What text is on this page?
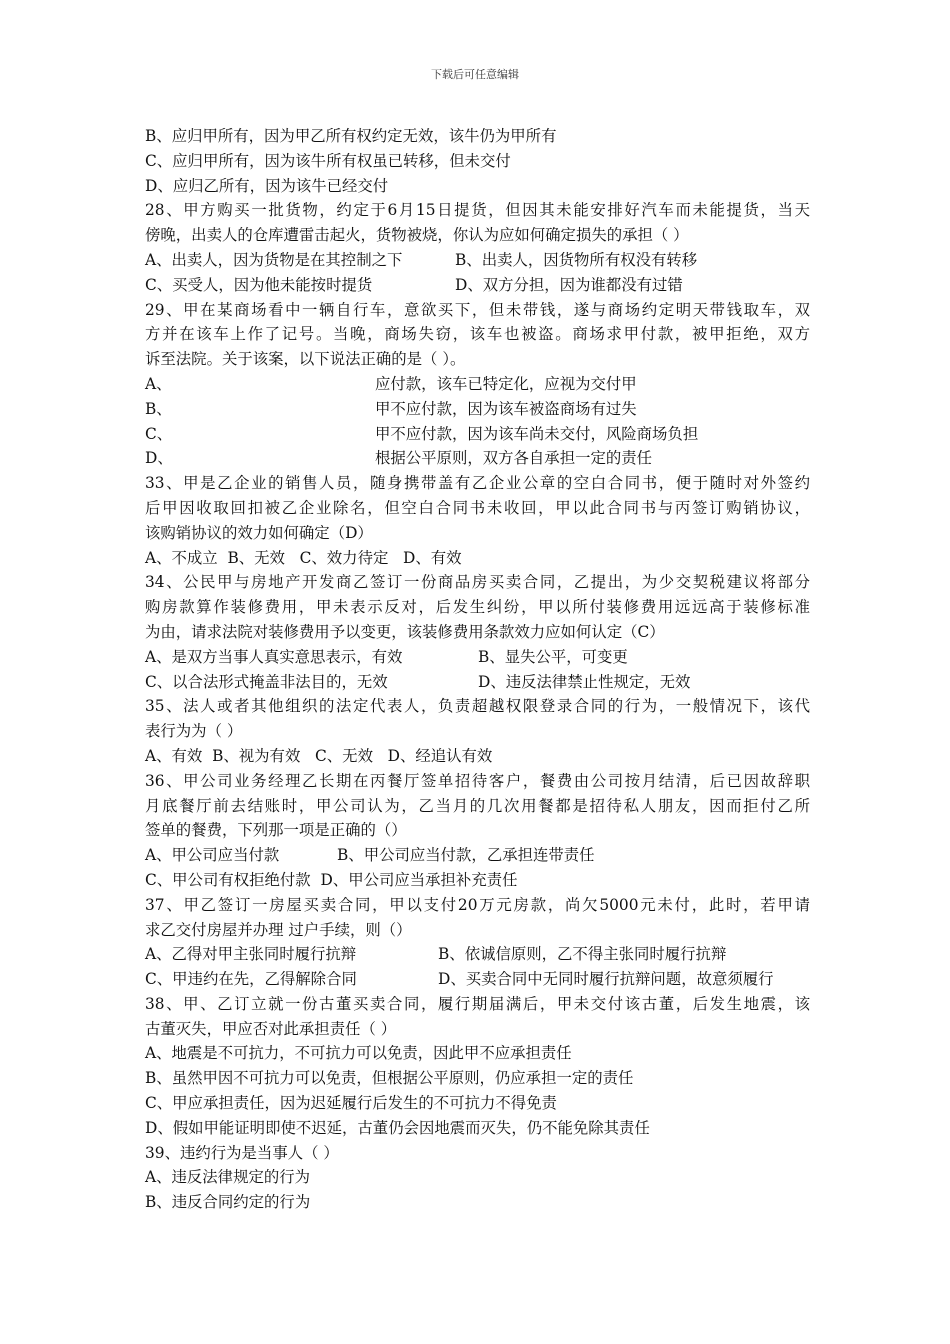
下载后可任意编辑
B、应归甲所有，因为甲乙所有权约定无效，该牛仍为甲所有
C、应归甲所有，因为该牛所有权虽已转移，但未交付
D、应归乙所有，因为该牛已经交付
28、甲方购买一批货物，约定于6月15日提货，但因其未能安排好汽车而未能提货，当天
傍晚，出卖人的仓库遭雷击起火，货物被烧，你认为应如何确定损失的承担（ ）
A、出卖人，因为货物是在其控制之下	B、出卖人，因货物所有权没有转移
C、买受人，因为他未能按时提货	D、双方分担，因为谁都没有过错
29、甲在某商场看中一辆自行车，意欲买下，但未带钱，遂与商场约定明天带钱取车，双
方并在该车上作了记号。当晚，商场失窃，该车也被盗。商场求甲付款，被甲拒绝，双方
诉至法院。关于该案，以下说法正确的是（ ）。
A、	应付款，该车已特定化，应视为交付甲
B、	甲不应付款，因为该车被盗商场有过失
C、	甲不应付款，因为该车尚未交付，风险商场负担
D、	根据公平原则，双方各自承担一定的责任
33、甲是乙企业的销售人员，随身携带盖有乙企业公章的空白合同书，便于随时对外签约
后甲因收取回扣被乙企业除名，但空白合同书未收回，甲以此合同书与丙签订购销协议，
该购销协议的效力如何确定（D）
A、不成立  B、无效   C、效力待定   D、有效
34、公民甲与房地产开发商乙签订一份商品房买卖合同，乙提出，为少交契税建议将部分
购房款算作装修费用，甲未表示反对，后发生纠纷，甲以所付装修费用远远高于装修标准
为由，请求法院对装修费用予以变更，该装修费用条款效力应如何认定（C）
A、是双方当事人真实意思表示，有效	B、显失公平，可变更
C、以合法形式掩盖非法目的，无效	D、违反法律禁止性规定，无效
35、法人或者其他组织的法定代表人，负责超越权限登录合同的行为，一般情况下，该代
表行为为（ ）
A、有效  B、视为有效   C、无效   D、经追认有效
36、甲公司业务经理乙长期在丙餐厅签单招待客户，餐费由公司按月结清，后已因故辞职
月底餐厅前去结账时，甲公司认为，乙当月的几次用餐都是招待私人朋友，因而拒付乙所
签单的餐费，下列那一项是正确的（）
A、甲公司应当付款	B、甲公司应当付款，乙承担连带责任
C、甲公司有权拒绝付款  D、甲公司应当承担补充责任
37、甲乙签订一房屋买卖合同，甲以支付20万元房款，尚欠5000元未付，此时，若甲请
求乙交付房屋并办理 过户手续，则（）
A、乙得对甲主张同时履行抗辩	B、依诚信原则，乙不得主张同时履行抗辩
C、甲违约在先，乙得解除合同	D、买卖合同中无同时履行抗辩问题，故意须履行
38、甲、乙订立就一份古董买卖合同，履行期届满后，甲未交付该古董，后发生地震，该
古董灭失，甲应否对此承担责任（ ）
A、地震是不可抗力，不可抗力可以免责，因此甲不应承担责任
B、虽然甲因不可抗力可以免责，但根据公平原则，仍应承担一定的责任
C、甲应承担责任，因为迟延履行后发生的不可抗力不得免责
D、假如甲能证明即使不迟延，古董仍会因地震而灭失，仍不能免除其责任
39、违约行为是当事人（ ）
A、违反法律规定的行为
B、违反合同约定的行为
